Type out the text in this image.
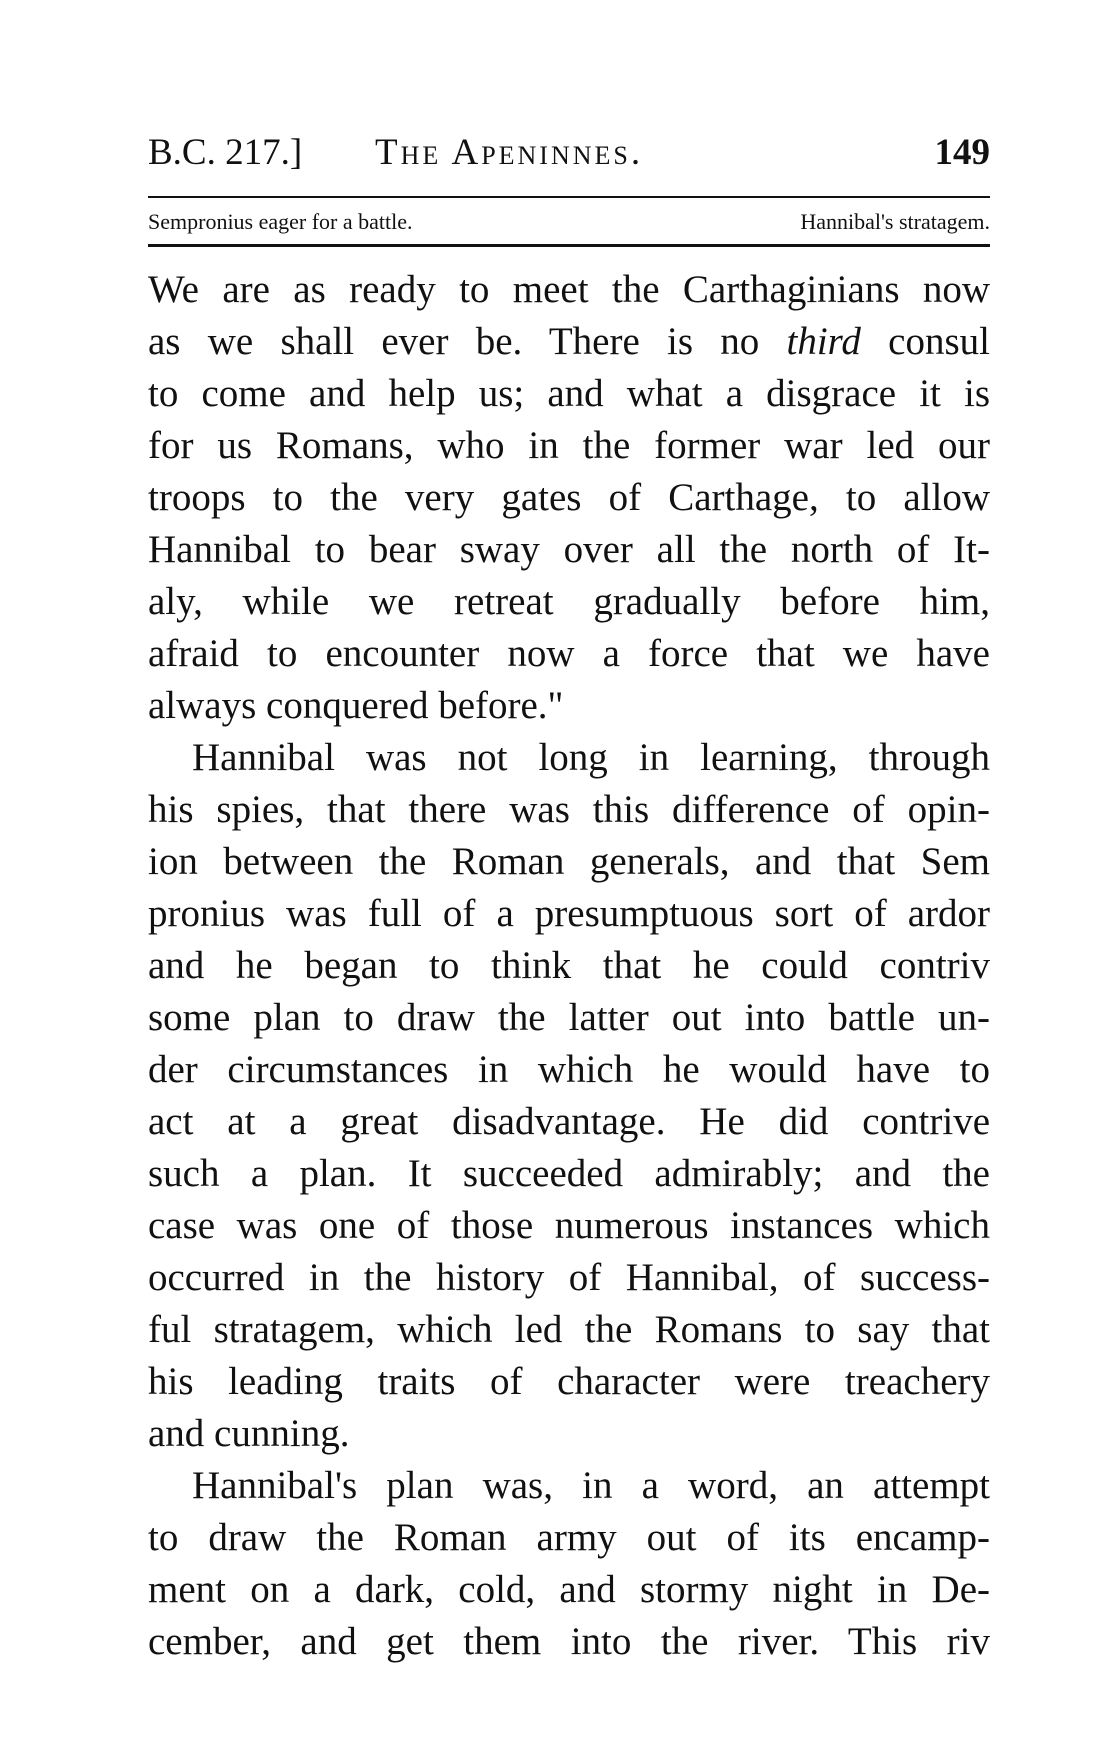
B.C. 217.] The Apeninnes.	149
Sempronius eager for a battle.	Hannibal's stratagem.
We are as ready to meet the Carthaginians now
as we shall ever be. There is no third consul
to come and help us; and what a disgrace it is
for us Romans, who in the former war led our
troops to the very gates of Carthage, to allow
Hannibal to bear sway over all the north of It-
aly, while we retreat gradually before him,
afraid to encounter now a force that we have
always conquered before."
Hannibal was not long in learning, through
his spies, that there was this difference of opin-
ion between the Roman generals, and that Sem
pronius was full of a presumptuous sort of ardor
and he began to think that he could contriv
some plan to draw the latter out into battle un-
der circumstances in which he would have to
act at a great disadvantage. He did contrive
such a plan. It succeeded admirably; and the
case was one of those numerous instances which
occurred in the history of Hannibal, of success-
ful stratagem, which led the Romans to say that
his leading traits of character were treachery
and cunning.
Hannibal's plan was, in a word, an attempt
to draw the Roman army out of its encamp-
ment on a dark, cold, and stormy night in De-
cember, and get them into the river. This riv
